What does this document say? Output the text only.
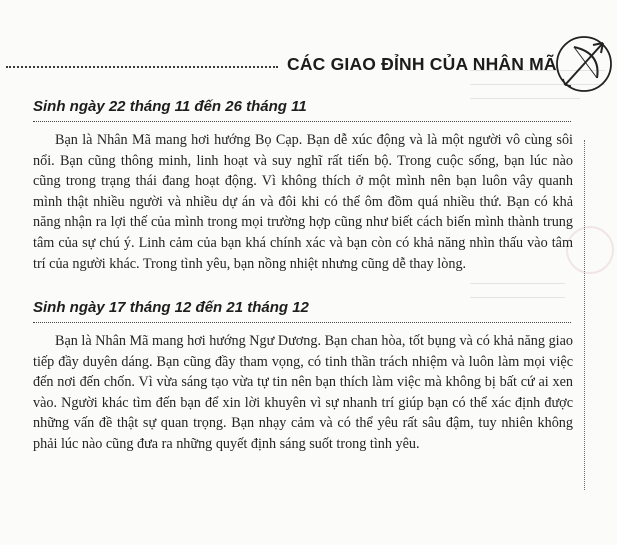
CÁC GIAO ĐỈNH CỦA NHÂN MÃ
Sinh ngày 22 tháng 11 đến 26 tháng 11

Bạn là Nhân Mã mang hơi hướng Bọ Cạp. Bạn dễ xúc động và là một người vô cùng sôi nổi. Bạn cũng thông minh, linh hoạt và suy nghĩ rất tiến bộ. Trong cuộc sống, bạn lúc nào cũng trong trạng thái đang hoạt động. Vì không thích ở một mình nên bạn luôn vây quanh mình thật nhiều người và nhiều dự án và đôi khi có thể ôm đồm quá nhiều thứ. Bạn có khả năng nhận ra lợi thế của mình trong mọi trường hợp cũng như biết cách biến mình thành trung tâm của sự chú ý. Linh cảm của bạn khá chính xác và bạn còn có khả năng nhìn thấu vào tâm trí của người khác. Trong tình yêu, bạn nồng nhiệt nhưng cũng dễ thay lòng.

Sinh ngày 17 tháng 12 đến 21 tháng 12

Bạn là Nhân Mã mang hơi hướng Ngư Dương. Bạn chan hòa, tốt bụng và có khả năng giao tiếp đầy duyên dáng. Bạn cũng đầy tham vọng, có tinh thần trách nhiệm và luôn làm mọi việc đến nơi đến chốn. Vì vừa sáng tạo vừa tự tin nên bạn thích làm việc mà không bị bất cứ ai xen vào. Người khác tìm đến bạn để xin lời khuyên vì sự nhanh trí giúp bạn có thể xác định được những vấn đề thật sự quan trọng. Bạn nhạy cảm và có thể yêu rất sâu đậm, tuy nhiên không phải lúc nào cũng đưa ra những quyết định sáng suốt trong tình yêu.
